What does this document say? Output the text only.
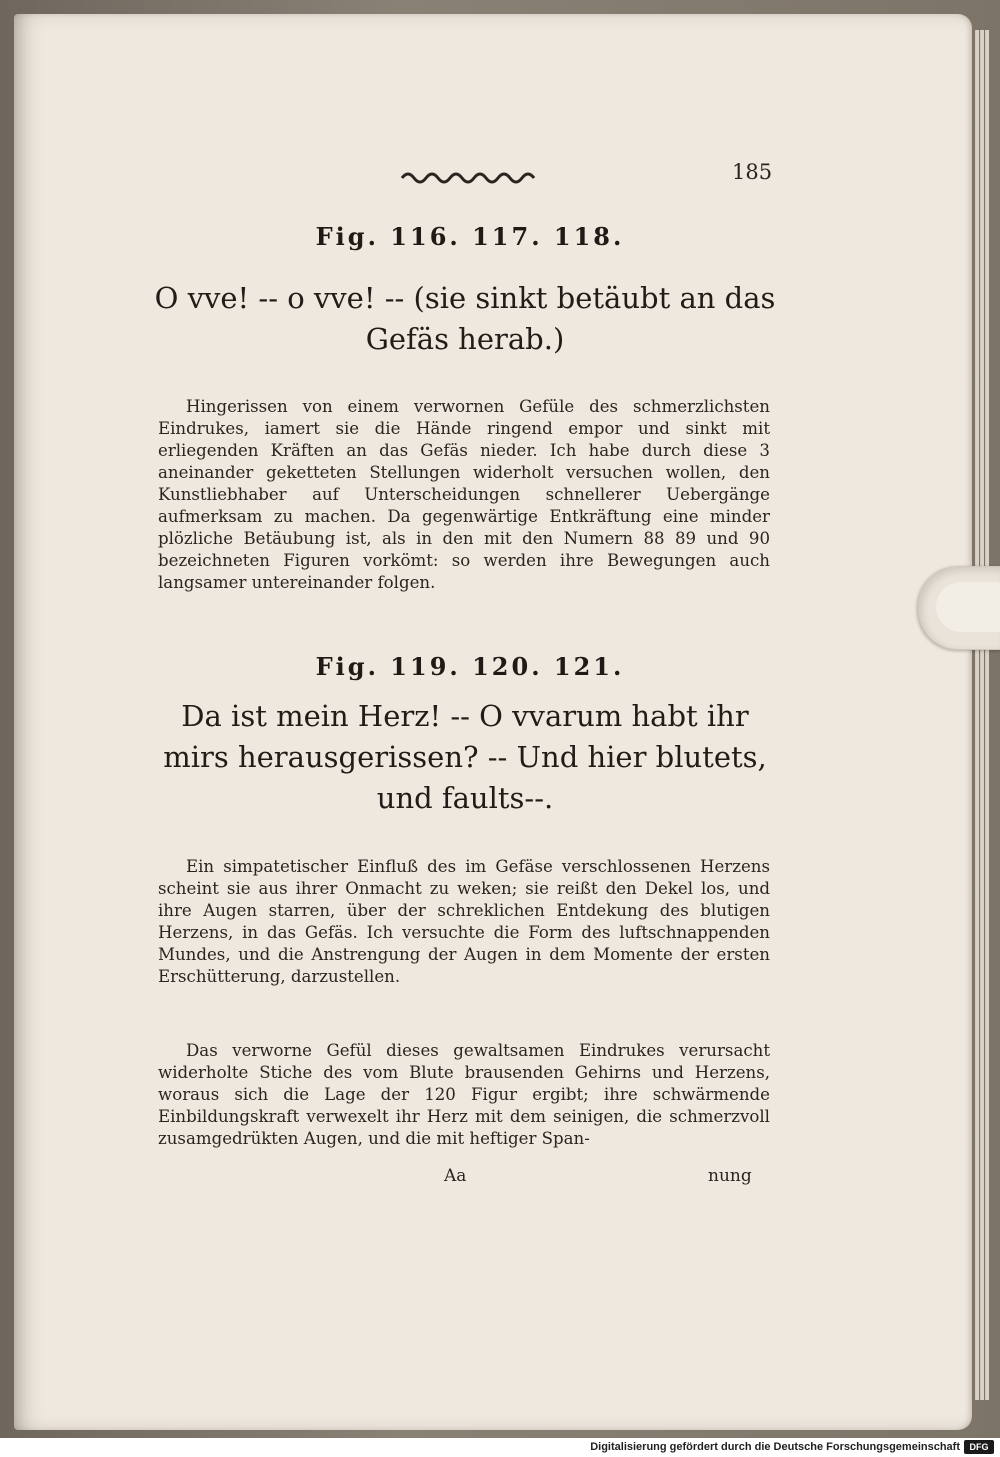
185
Fig. 116. 117. 118.
O vve! -- o vve! -- (sie sinkt betäubt an das Gefäs herab.)
Hingerissen von einem verwornen Gefüle des schmerzlichsten Eindrukes, iamert sie die Hände ringend empor und sinkt mit erliegenden Kräften an das Gefäs nieder. Ich habe durch diese 3 aneinander geketteten Stellungen widerholt versuchen wollen, den Kunstliebhaber auf Unterscheidungen schnellerer Uebergänge aufmerksam zu machen. Da gegenwärtige Entkräftung eine minder plözliche Betäubung ist, als in den mit den Numern 88 89 und 90 bezeichneten Figuren vorkömt: so werden ihre Bewegungen auch langsamer untereinander folgen.
Fig. 119. 120. 121.
Da ist mein Herz! -- O vvarum habt ihr mirs herausgerissen? -- Und hier blutets, und faults--.
Ein simpatetischer Einfluß des im Gefäse verschlossenen Herzens scheint sie aus ihrer Onmacht zu weken; sie reißt den Dekel los, und ihre Augen starren, über der schreklichen Entdekung des blutigen Herzens, in das Gefäs. Ich versuchte die Form des luftschnappenden Mundes, und die Anstrengung der Augen in dem Momente der ersten Erschütterung, darzustellen.
Das verworne Gefül dieses gewaltsamen Eindrukes verursacht widerholte Stiche des vom Blute brausenden Gehirns und Herzens, woraus sich die Lage der 120 Figur ergibt; ihre schwärmende Einbildungskraft verwexelt ihr Herz mit dem seinigen, die schmerzvoll zusamgedrükten Augen, und die mit heftiger Span-
Aa	nung
Digitalisierung gefördert durch die Deutsche Forschungsgemeinschaft	DFG
